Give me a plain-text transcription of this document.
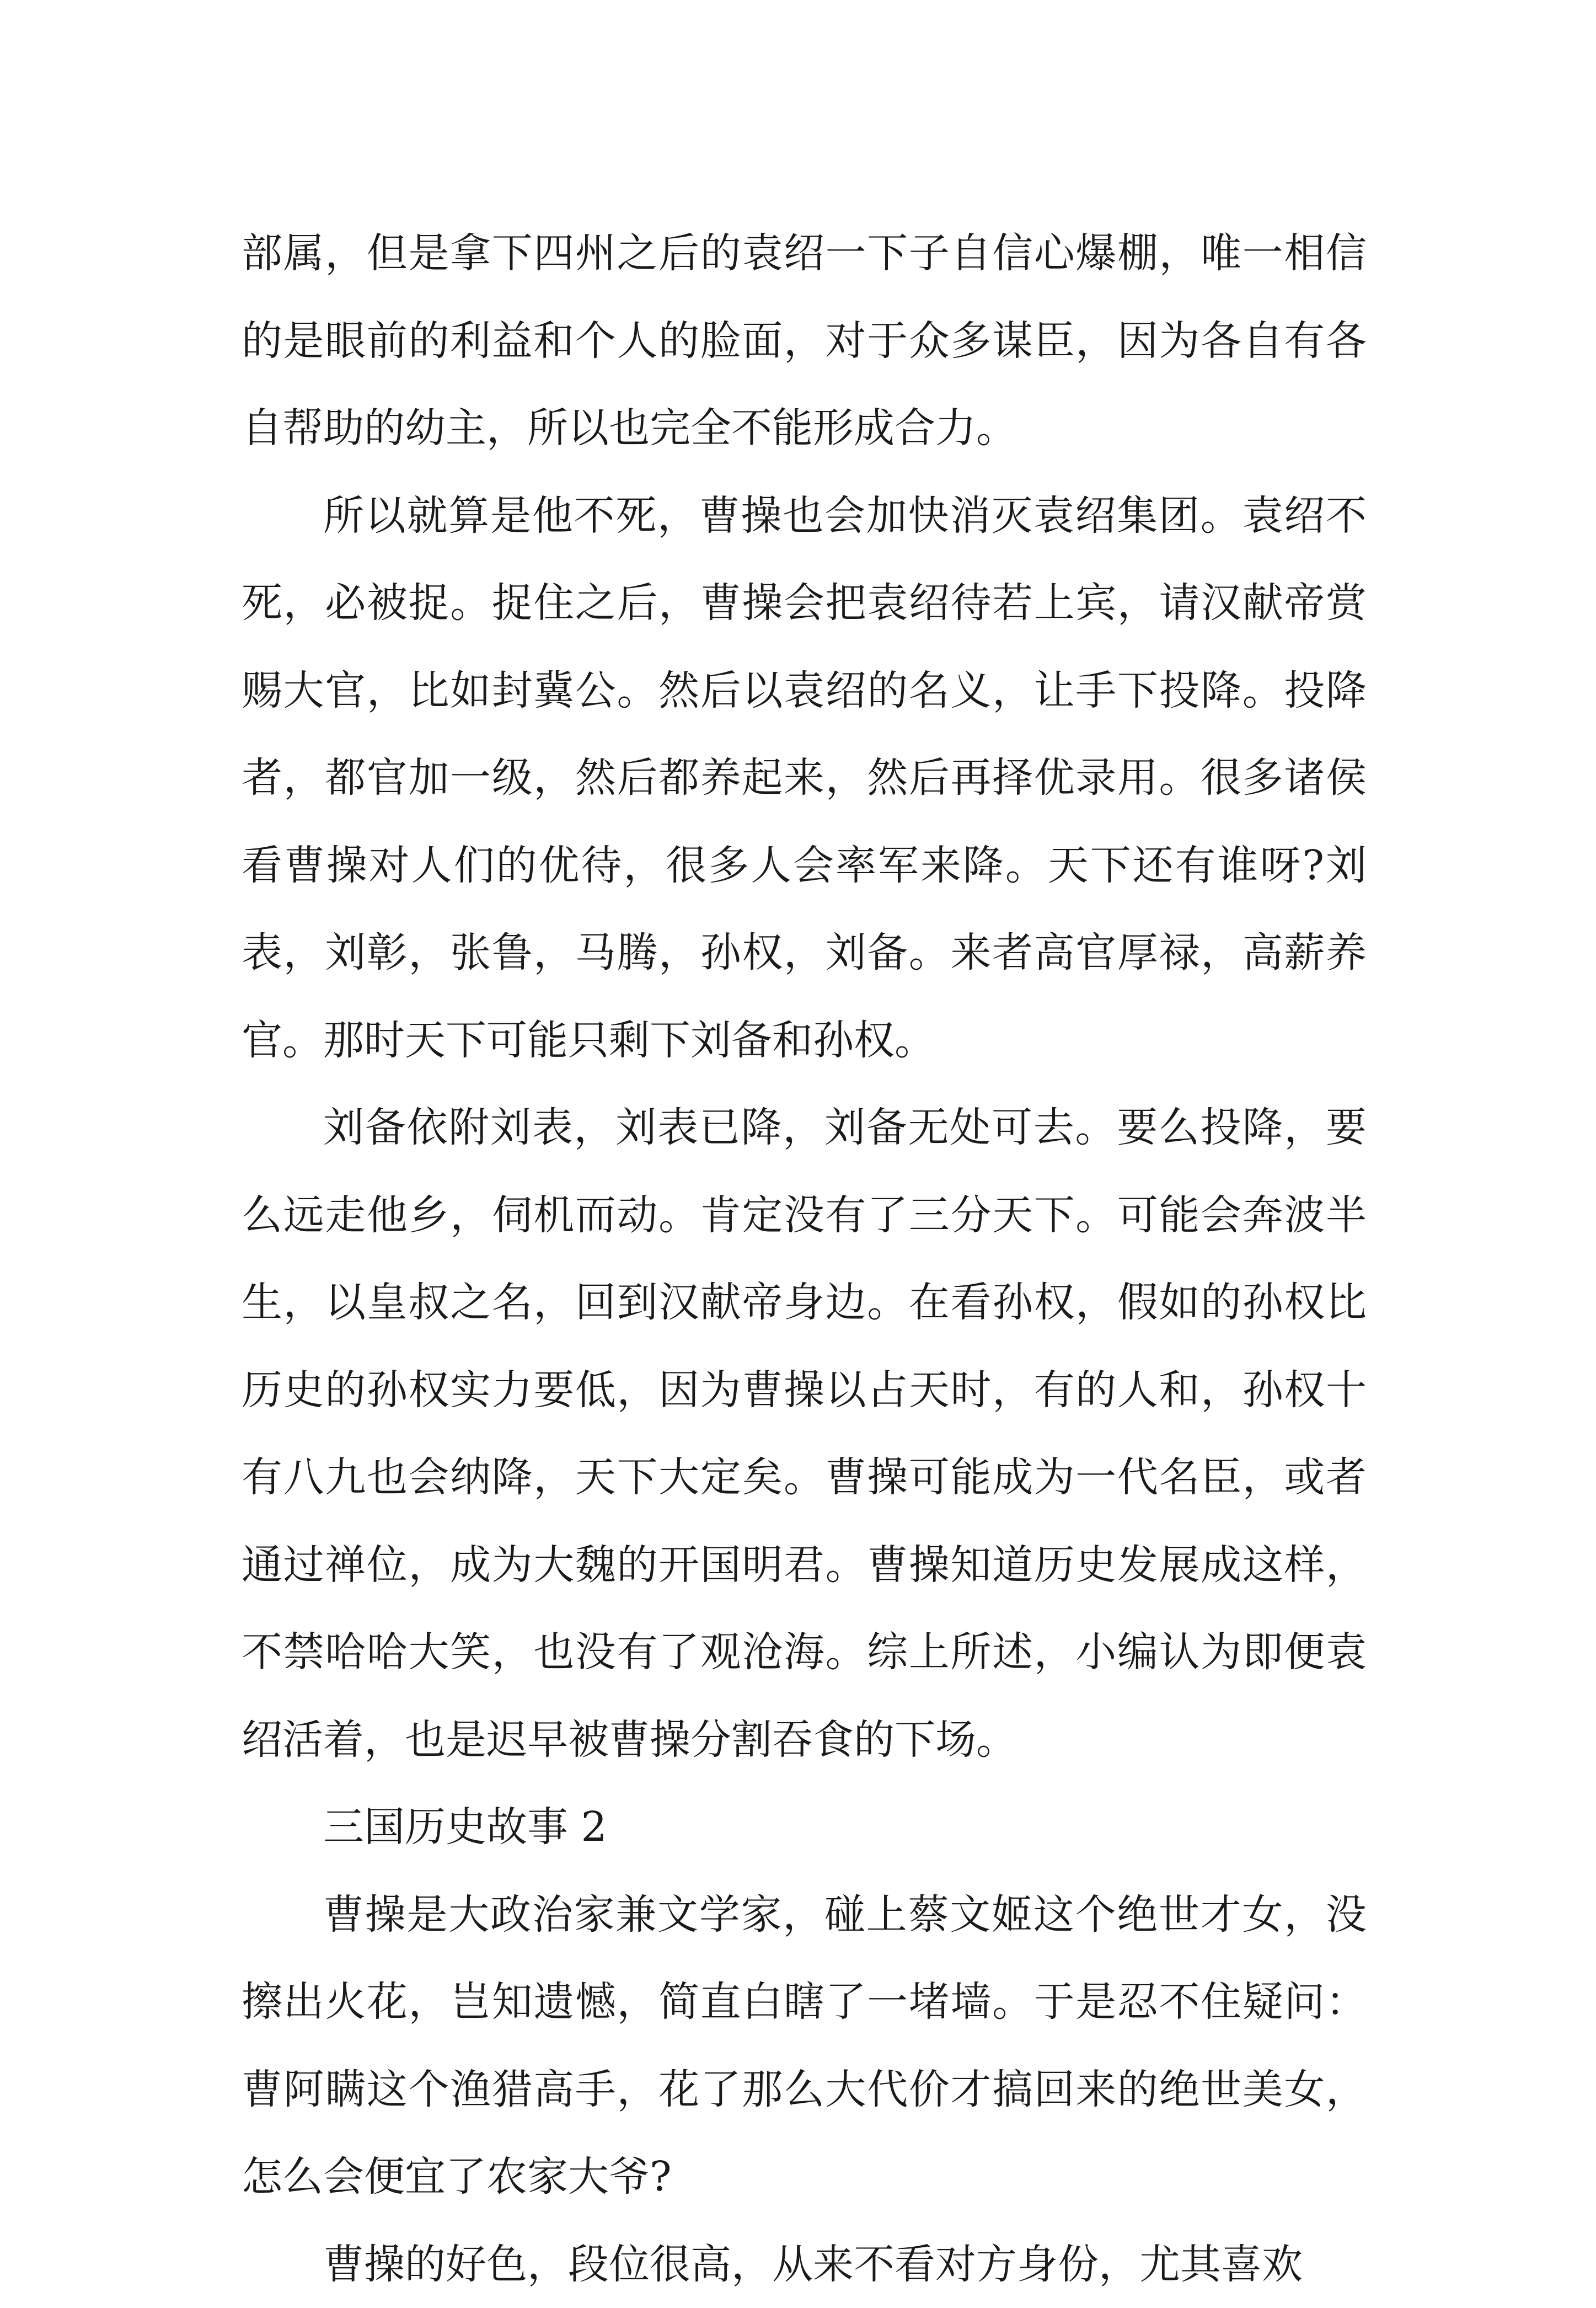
部属，但是拿下四州之后的袁绍一下子自信心爆棚，唯一相信的是眼前的利益和个人的脸面，对于众多谋臣，因为各自有各自帮助的幼主，所以也完全不能形成合力。

所以就算是他不死，曹操也会加快消灭袁绍集团。袁绍不死，必被捉。捉住之后，曹操会把袁绍待若上宾，请汉献帝赏赐大官，比如封冀公。然后以袁绍的名义，让手下投降。投降者，都官加一级，然后都养起来，然后再择优录用。很多诸侯看曹操对人们的优待，很多人会率军来降。天下还有谁呀?刘表，刘彰，张鲁，马腾，孙权，刘备。来者高官厚禄，高薪养官。那时天下可能只剩下刘备和孙权。

刘备依附刘表，刘表已降，刘备无处可去。要么投降，要么远走他乡，伺机而动。肯定没有了三分天下。可能会奔波半生，以皇叔之名，回到汉献帝身边。在看孙权，假如的孙权比历史的孙权实力要低，因为曹操以占天时，有的人和，孙权十有八九也会纳降，天下大定矣。曹操可能成为一代名臣，或者通过禅位，成为大魏的开国明君。曹操知道历史发展成这样，不禁哈哈大笑，也没有了观沧海。综上所述，小编认为即便袁绍活着，也是迟早被曹操分割吞食的下场。

三国历史故事 2

曹操是大政治家兼文学家，碰上蔡文姬这个绝世才女，没擦出火花，岂知遗憾，简直白瞎了一堵墙。于是忍不住疑问：曹阿瞒这个渔猎高手，花了那么大代价才搞回来的绝世美女，怎么会便宜了农家大爷?

曹操的好色，段位很高，从来不看对方身份，尤其喜欢
